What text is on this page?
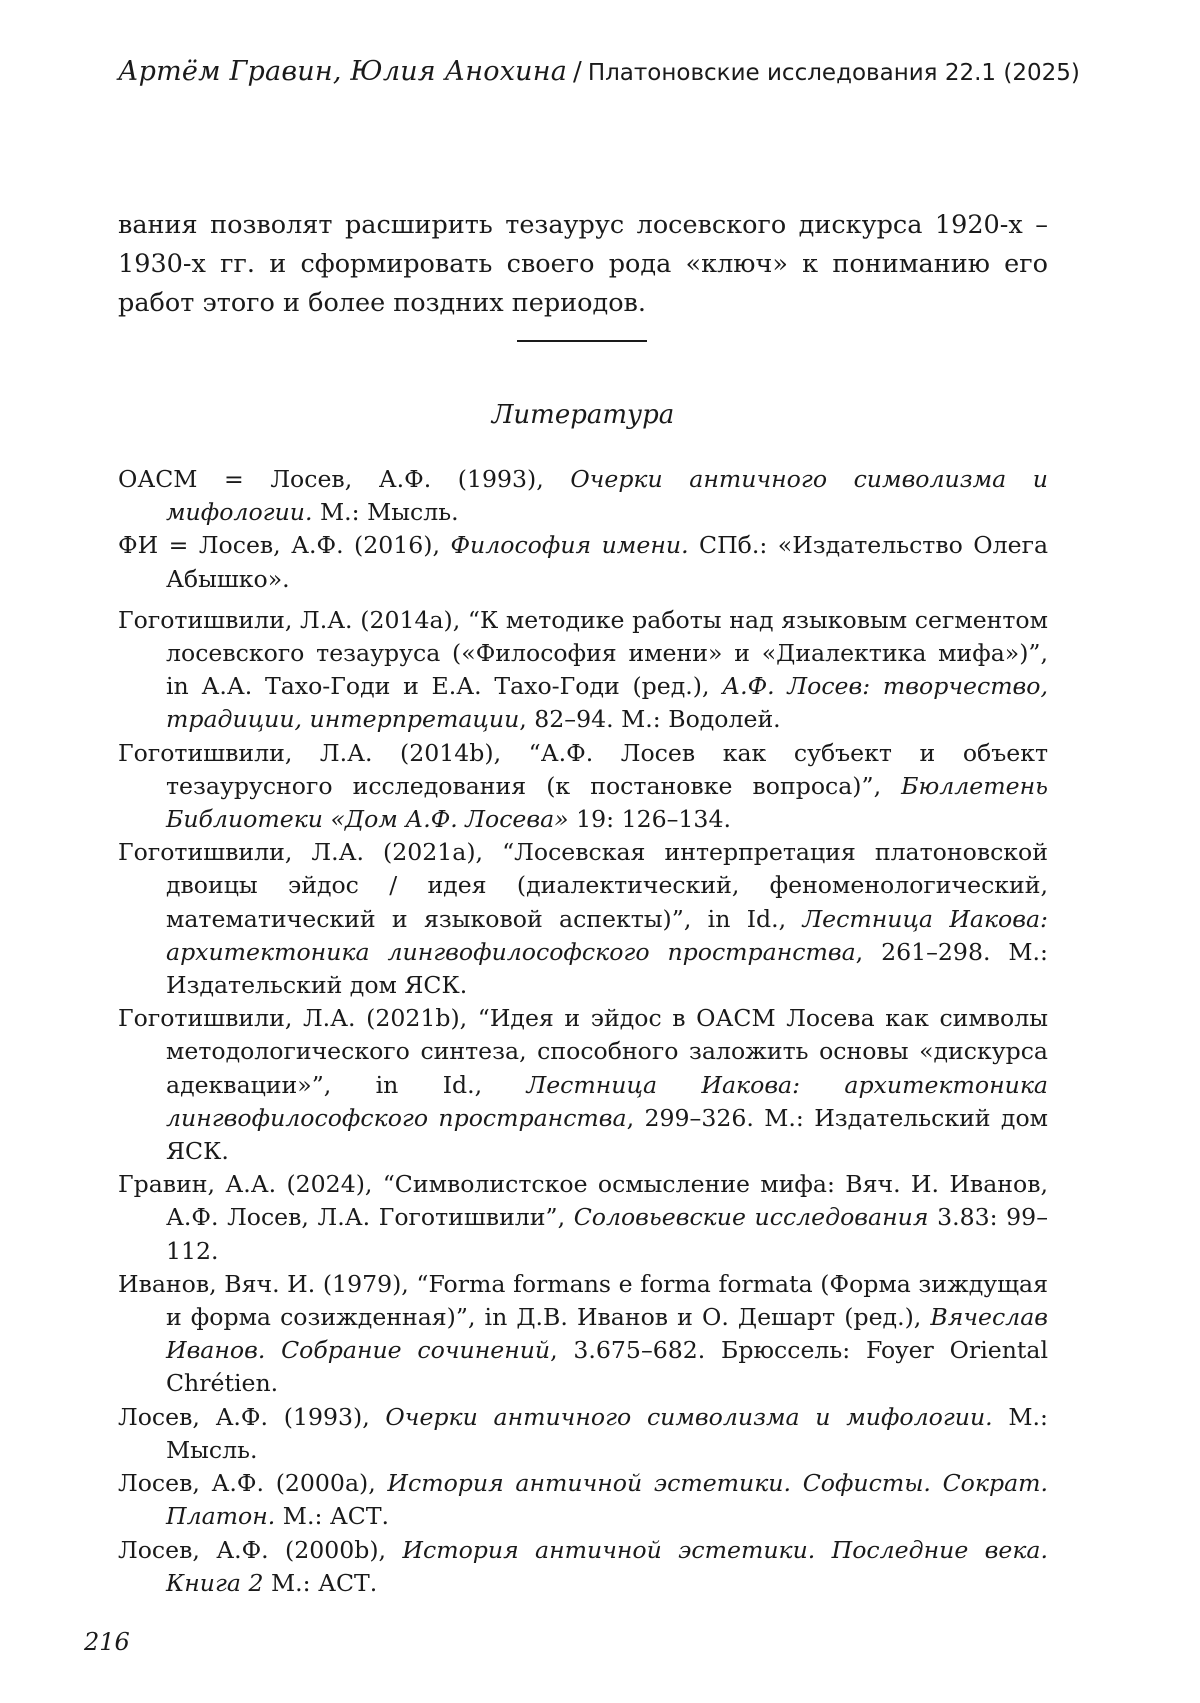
Артём Гравин, Юлия Анохина / Платоновские исследования 22.1 (2025)

вания позволят расширить тезаурус лосевского дискурса 1920-х – 1930-х гг. и сформировать своего рода «ключ» к пониманию его работ этого и более поздних периодов.

Литература
ОАСМ = Лосев, А.Ф. (1993), Очерки античного символизма и мифологии. М.: Мысль.
ФИ = Лосев, А.Ф. (2016), Философия имени. СПб.: «Издательство Олега Абышко».
Гоготишвили, Л.А. (2014a), “К методике работы над языковым сегментом лосевского тезауруса («Философия имени» и «Диалектика мифа»)”, in А.А. Тахо-Годи и Е.А. Тахо-Годи (ред.), А.Ф. Лосев: творчество, традиции, интерпретации, 82–94. М.: Водолей.
Гоготишвили, Л.А. (2014b), “А.Ф. Лосев как субъект и объект тезаурусного исследования (к постановке вопроса)”, Бюллетень Библиотеки «Дом А.Ф. Лосева» 19: 126–134.
Гоготишвили, Л.А. (2021a), “Лосевская интерпретация платоновской двоицы эйдос / идея (диалектический, феноменологический, математический и языковой аспекты)”, in Id., Лестница Иакова: архитектоника лингвофилософского пространства, 261–298. М.: Издательский дом ЯСК.
Гоготишвили, Л.А. (2021b), “Идея и эйдос в ОАСМ Лосева как символы методологического синтеза, способного заложить основы «дискурса адеквации»”, in Id., Лестница Иакова: архитектоника лингвофилософского пространства, 299–326. М.: Издательский дом ЯСК.
Гравин, А.А. (2024), “Символистское осмысление мифа: Вяч. И. Иванов, А.Ф. Лосев, Л.А. Гоготишвили”, Соловьевские исследования 3.83: 99–112.
Иванов, Вяч. И. (1979), “Forma formans e forma formata (Форма зиждущая и форма созижденная)”, in Д.В. Иванов и О. Дешарт (ред.), Вячеслав Иванов. Собрание сочинений, 3.675–682. Брюссель: Foyer Oriental Chrétien.
Лосев, А.Ф. (1993), Очерки античного символизма и мифологии. М.: Мысль.
Лосев, А.Ф. (2000a), История античной эстетики. Софисты. Сократ. Платон. М.: АСТ.
Лосев, А.Ф. (2000b), История античной эстетики. Последние века. Книга 2 М.: АСТ.
216
